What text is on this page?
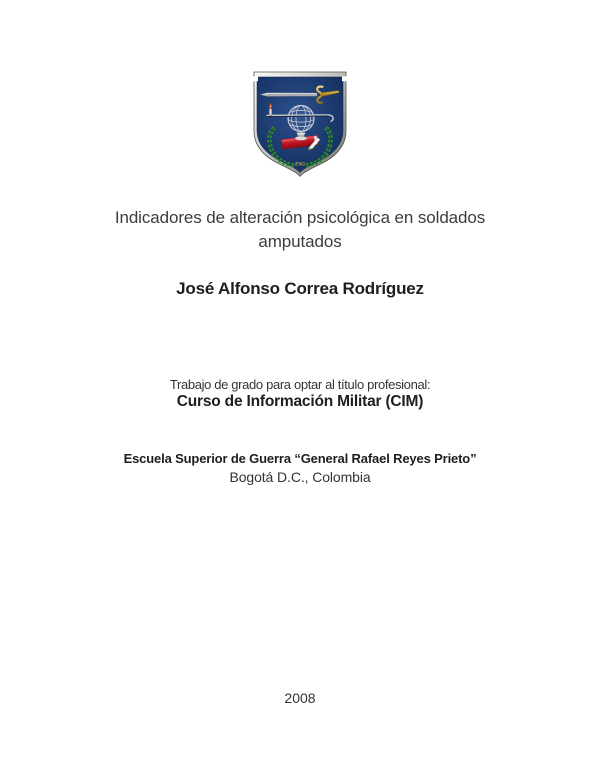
ESG
Indicadores de alteración psicológica en soldados
amputados
José Alfonso Correa Rodríguez
Trabajo de grado para optar al título profesional:
Curso de Información Militar (CIM)
Escuela Superior de Guerra “General Rafael Reyes Prieto”
Bogotá D.C., Colombia
2008
